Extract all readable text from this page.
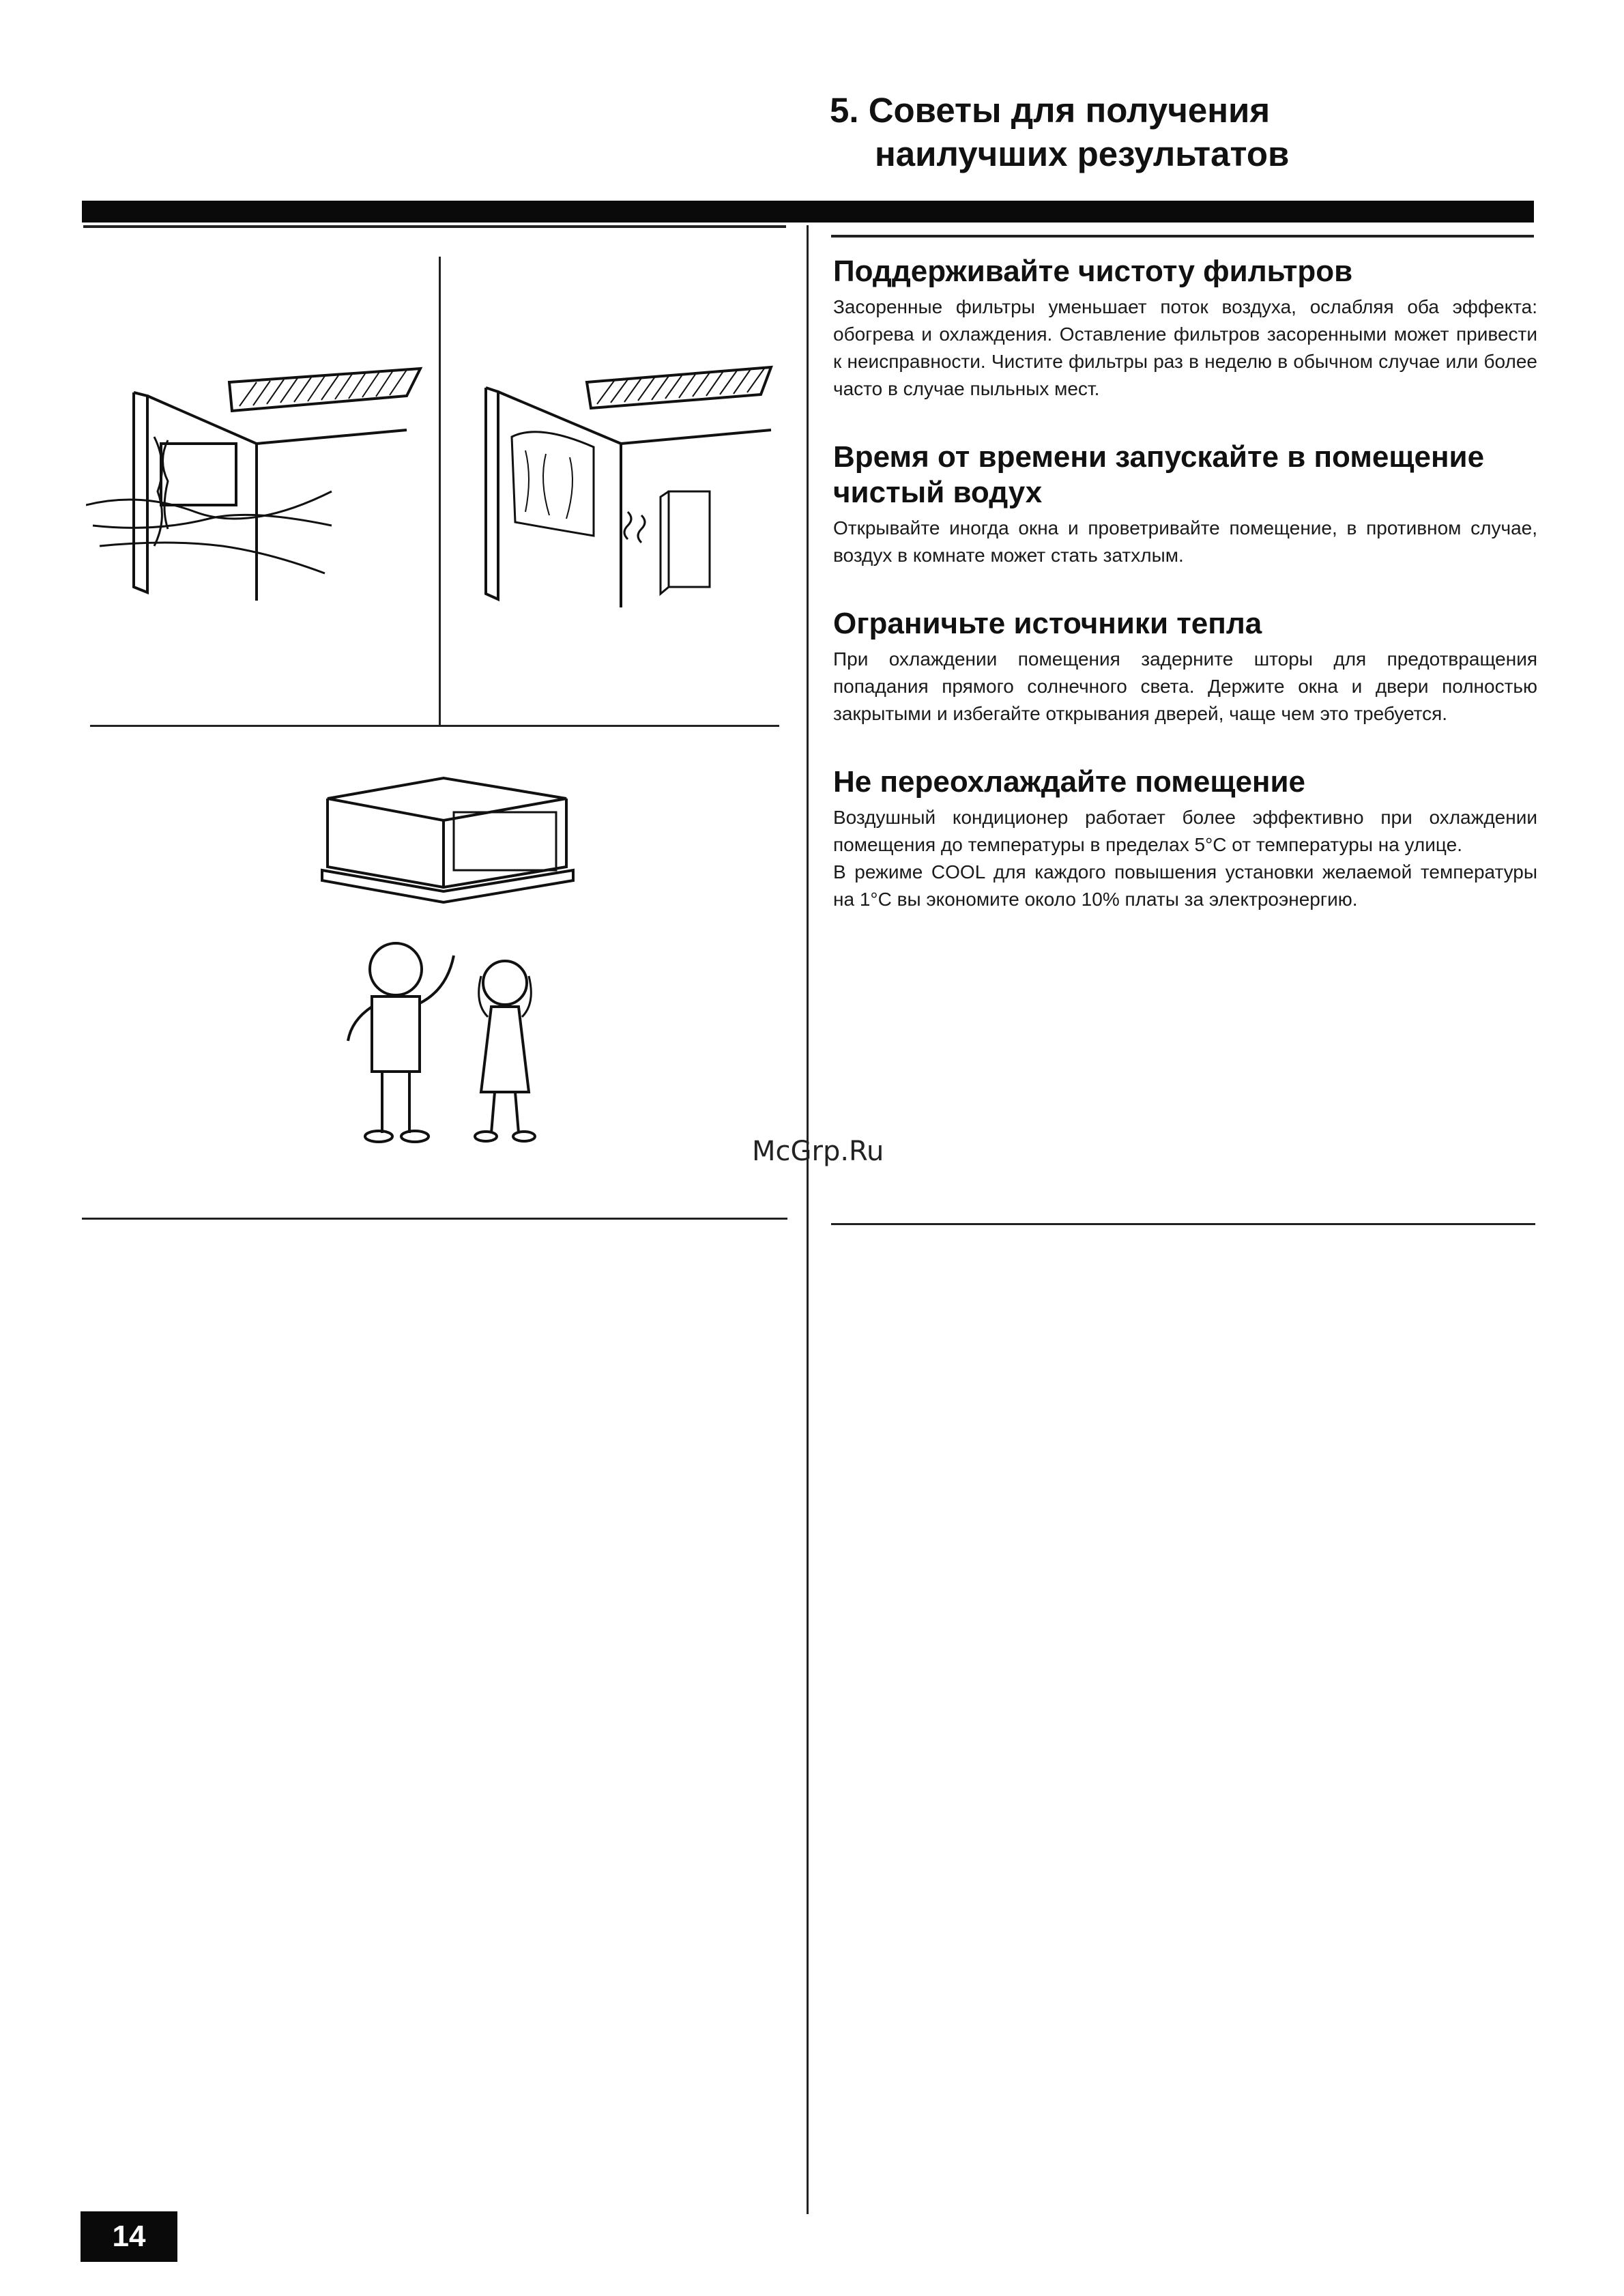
5. Советы для получения
наилучших результатов
Поддерживайте чистоту фильтров

Засоренные фильтры уменьшает поток воздуха, ослабляя оба эффекта: обогрева и охлаждения. Оставление фильтров засоренными может привести к неисправности. Чистите фильтры раз в неделю в обычном случае или более часто в случае пыльных мест.

Время от времени запускайте в помещение чистый водух

Открывайте иногда окна и проветривайте помещение, в противном случае, воздух в комнате может стать затхлым.

Ограничьте источники тепла

При охлаждении помещения задерните шторы для предотвращения попадания прямого солнечного света. Держите окна и двери полностью закрытыми и избегайте открывания дверей, чаще чем это требуется.

Не переохлаждайте помещение

Воздушный кондиционер работает более эффективно при охлаждении помещения до температуры в пределах 5°С от температуры на улице.

В режиме COOL для каждого повышения установки желаемой температуры на 1°С вы экономите около 10% платы за электроэнергию.

McGrp.Ru
14
